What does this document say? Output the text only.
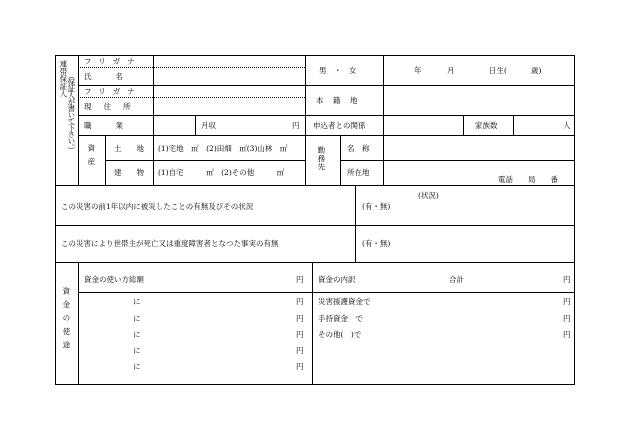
連帯保証人 （保証人が書いて下さい。）
フリガナ
氏　　名
フリガナ
現住所
職　　業	月収	円
男　・　女	年	月	日生(	歳)
本　籍　地
申込者との関係	家族数	人
資産 土　　地 (1)宅地　㎡　(2)田畑　㎡(3)山林　㎡
建　　物 (1)自宅　　　㎡　(2)その他　　　㎡
勤務先	名　称
所在地
電話　　局　　番
この災害の前1年以内に被災したことの有無及びその状況
(状況)
(有・無)
この災害により世帯主が死亡又は重度障害者となつた事実の有無	(有・無)
資金の使途
資金の使い方総額	円 資金の内訳	合計	円
に	円
に	円
に	円
に	円
に	円
災害援護資金で	円
手持資金　で	円
その他(　)で	円
